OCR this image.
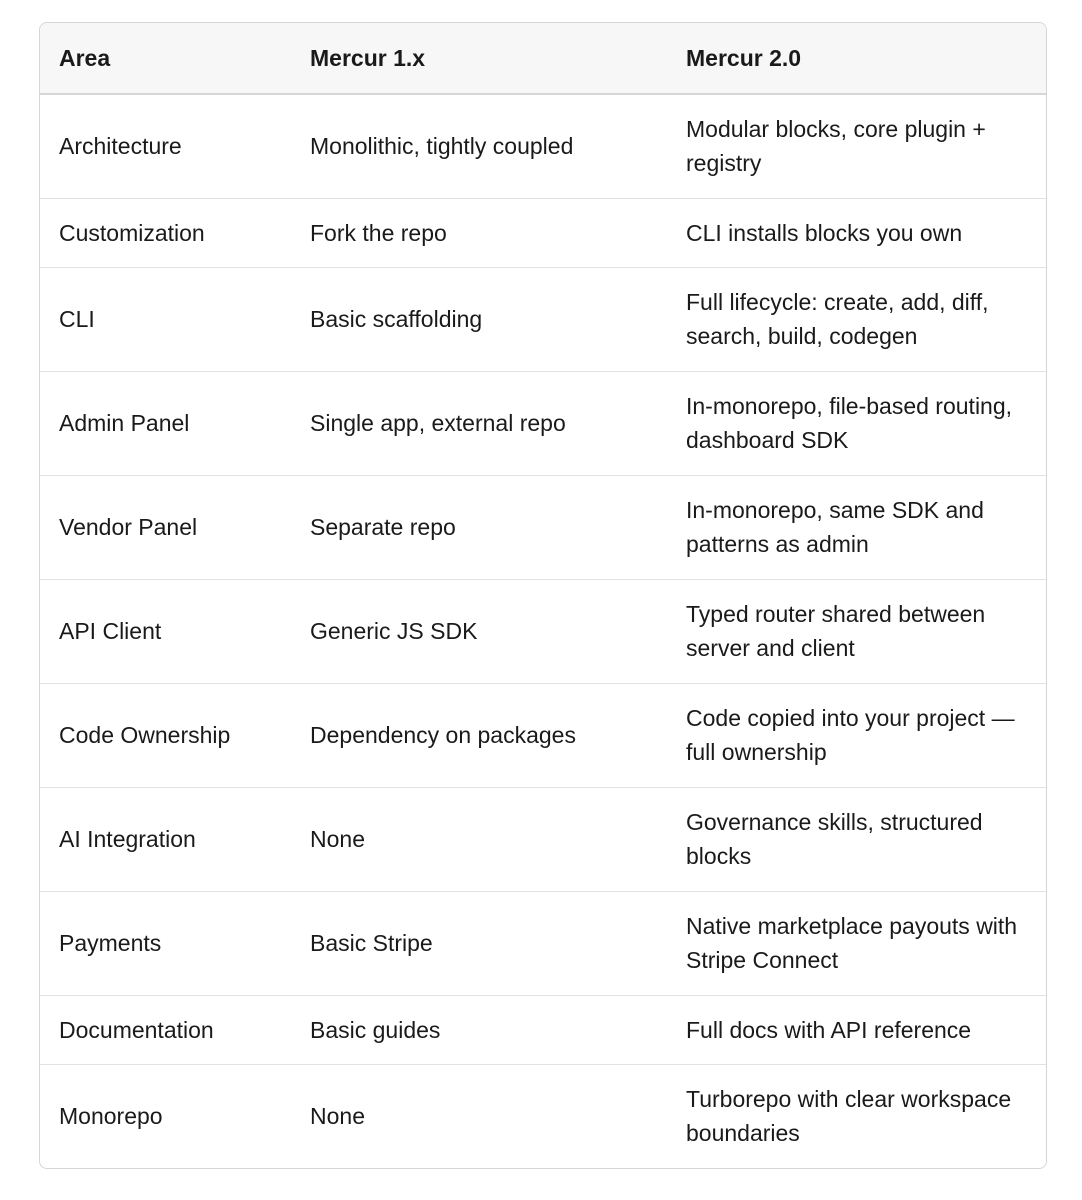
Area	Mercur 1.x	Mercur 2.0
Architecture	Monolithic, tightly coupled	Modular blocks, core plugin + registry
Customization	Fork the repo	CLI installs blocks you own
CLI	Basic scaffolding	Full lifecycle: create, add, diff, search, build, codegen
Admin Panel	Single app, external repo	In-monorepo, file-based routing, dashboard SDK
Vendor Panel	Separate repo	In-monorepo, same SDK and patterns as admin
API Client	Generic JS SDK	Typed router shared between server and client
Code Ownership	Dependency on packages	Code copied into your project — full ownership
AI Integration	None	Governance skills, structured blocks
Payments	Basic Stripe	Native marketplace payouts with Stripe Connect
Documentation	Basic guides	Full docs with API reference
Monorepo	None	Turborepo with clear workspace boundaries
